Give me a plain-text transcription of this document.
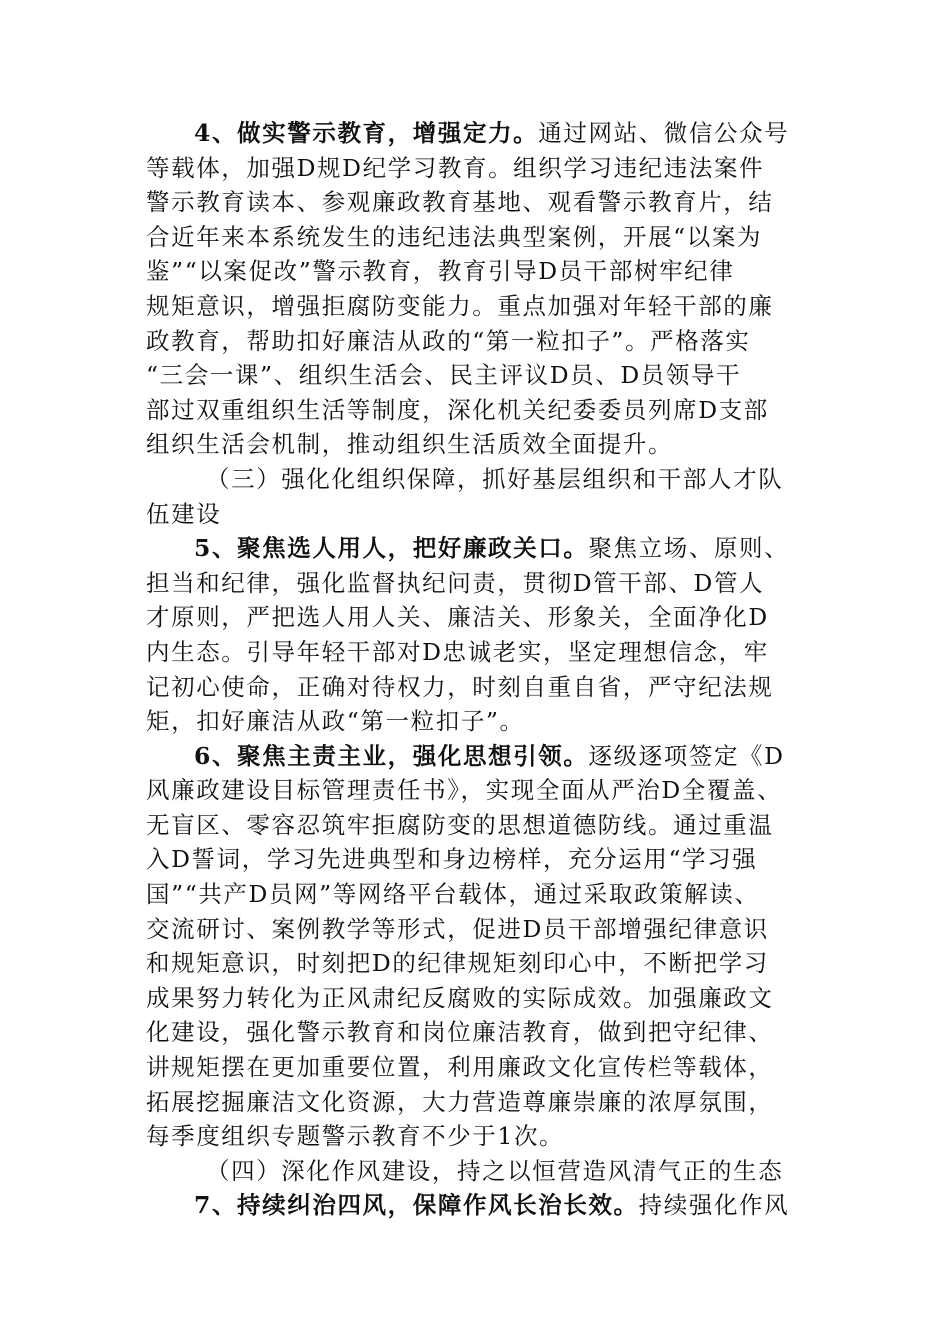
4、做实警示教育，增强定力。通过网站、微信公众号
等载体，加强D规D纪学习教育。组织学习违纪违法案件
警示教育读本、参观廉政教育基地、观看警示教育片，结
合近年来本系统发生的违纪违法典型案例，开展“以案为
鉴”“以案促改”警示教育，教育引导D员干部树牢纪律
规矩意识，增强拒腐防变能力。重点加强对年轻干部的廉
政教育，帮助扣好廉洁从政的“第一粒扣子”。严格落实
“三会一课”、组织生活会、民主评议D员、D员领导干
部过双重组织生活等制度，深化机关纪委委员列席D支部
组织生活会机制，推动组织生活质效全面提升。
（三）强化化组织保障，抓好基层组织和干部人才队
伍建设
5、聚焦选人用人，把好廉政关口。聚焦立场、原则、
担当和纪律，强化监督执纪问责，贯彻D管干部、D管人
才原则，严把选人用人关、廉洁关、形象关，全面净化D
内生态。引导年轻干部对D忠诚老实，坚定理想信念，牢
记初心使命，正确对待权力，时刻自重自省，严守纪法规
矩，扣好廉洁从政“第一粒扣子”。
6、聚焦主责主业，强化思想引领。逐级逐项签定《D
风廉政建设目标管理责任书》，实现全面从严治D全覆盖、
无盲区、零容忍筑牢拒腐防变的思想道德防线。通过重温
入D誓词，学习先进典型和身边榜样，充分运用“学习强
国”“共产D员网”等网络平台载体，通过采取政策解读、
交流研讨、案例教学等形式，促进D员干部增强纪律意识
和规矩意识，时刻把D的纪律规矩刻印心中，不断把学习
成果努力转化为正风肃纪反腐败的实际成效。加强廉政文
化建设，强化警示教育和岗位廉洁教育，做到把守纪律、
讲规矩摆在更加重要位置，利用廉政文化宣传栏等载体，
拓展挖掘廉洁文化资源，大力营造尊廉崇廉的浓厚氛围，
每季度组织专题警示教育不少于1次。
（四）深化作风建设，持之以恒营造风清气正的生态
7、持续纠治四风，保障作风长治长效。持续强化作风
